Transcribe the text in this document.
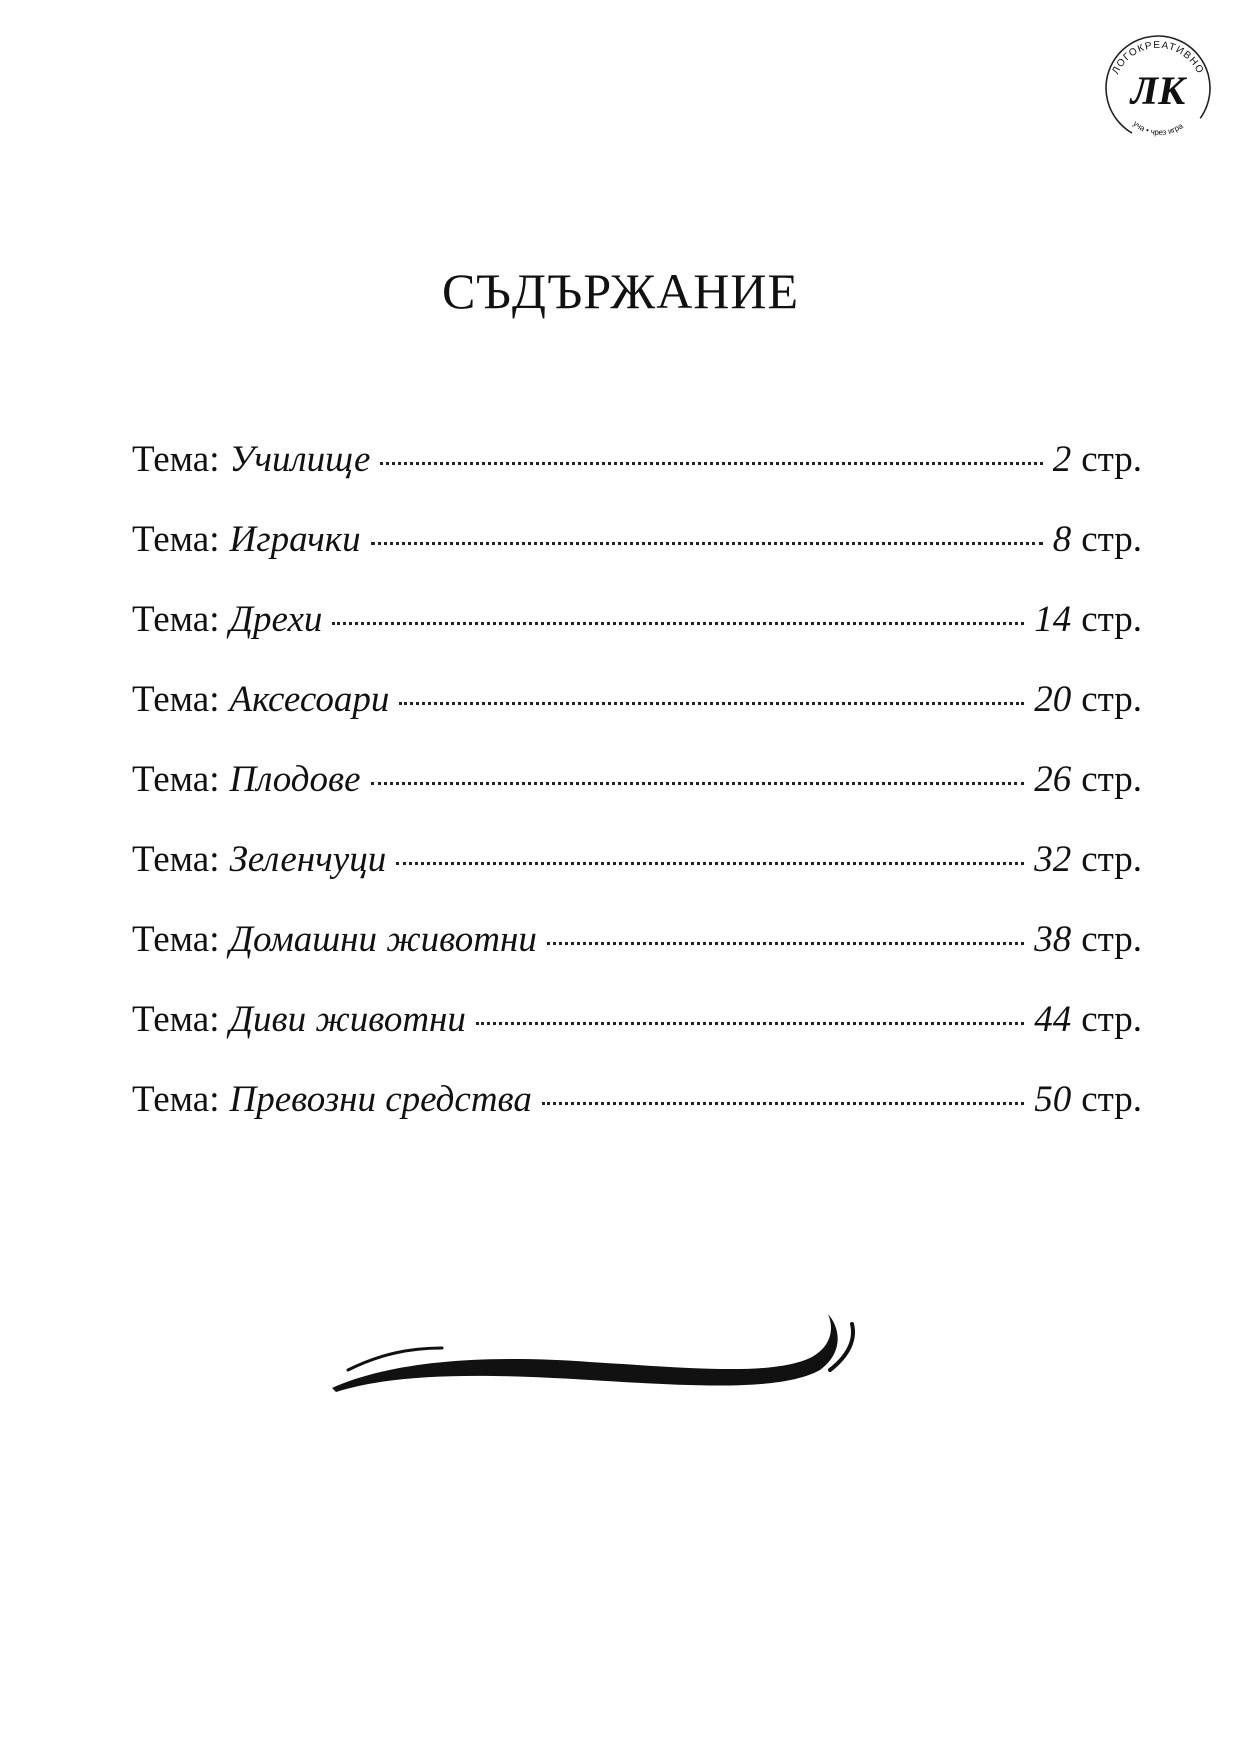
ЛОГОКРЕАТИВНО
ЛК
уча • чрез игра
СЪДЪРЖАНИЕ
Тема: Училище	2 стр.
Тема: Играчки	8 стр.
Тема: Дрехи	14 стр.
Тема: Аксесоари	20 стр.
Тема: Плодове	26 стр.
Тема: Зеленчуци	32 стр.
Тема: Домашни животни	38 стр.
Тема: Диви животни	44 стр.
Тема: Превозни средства	50 стр.
